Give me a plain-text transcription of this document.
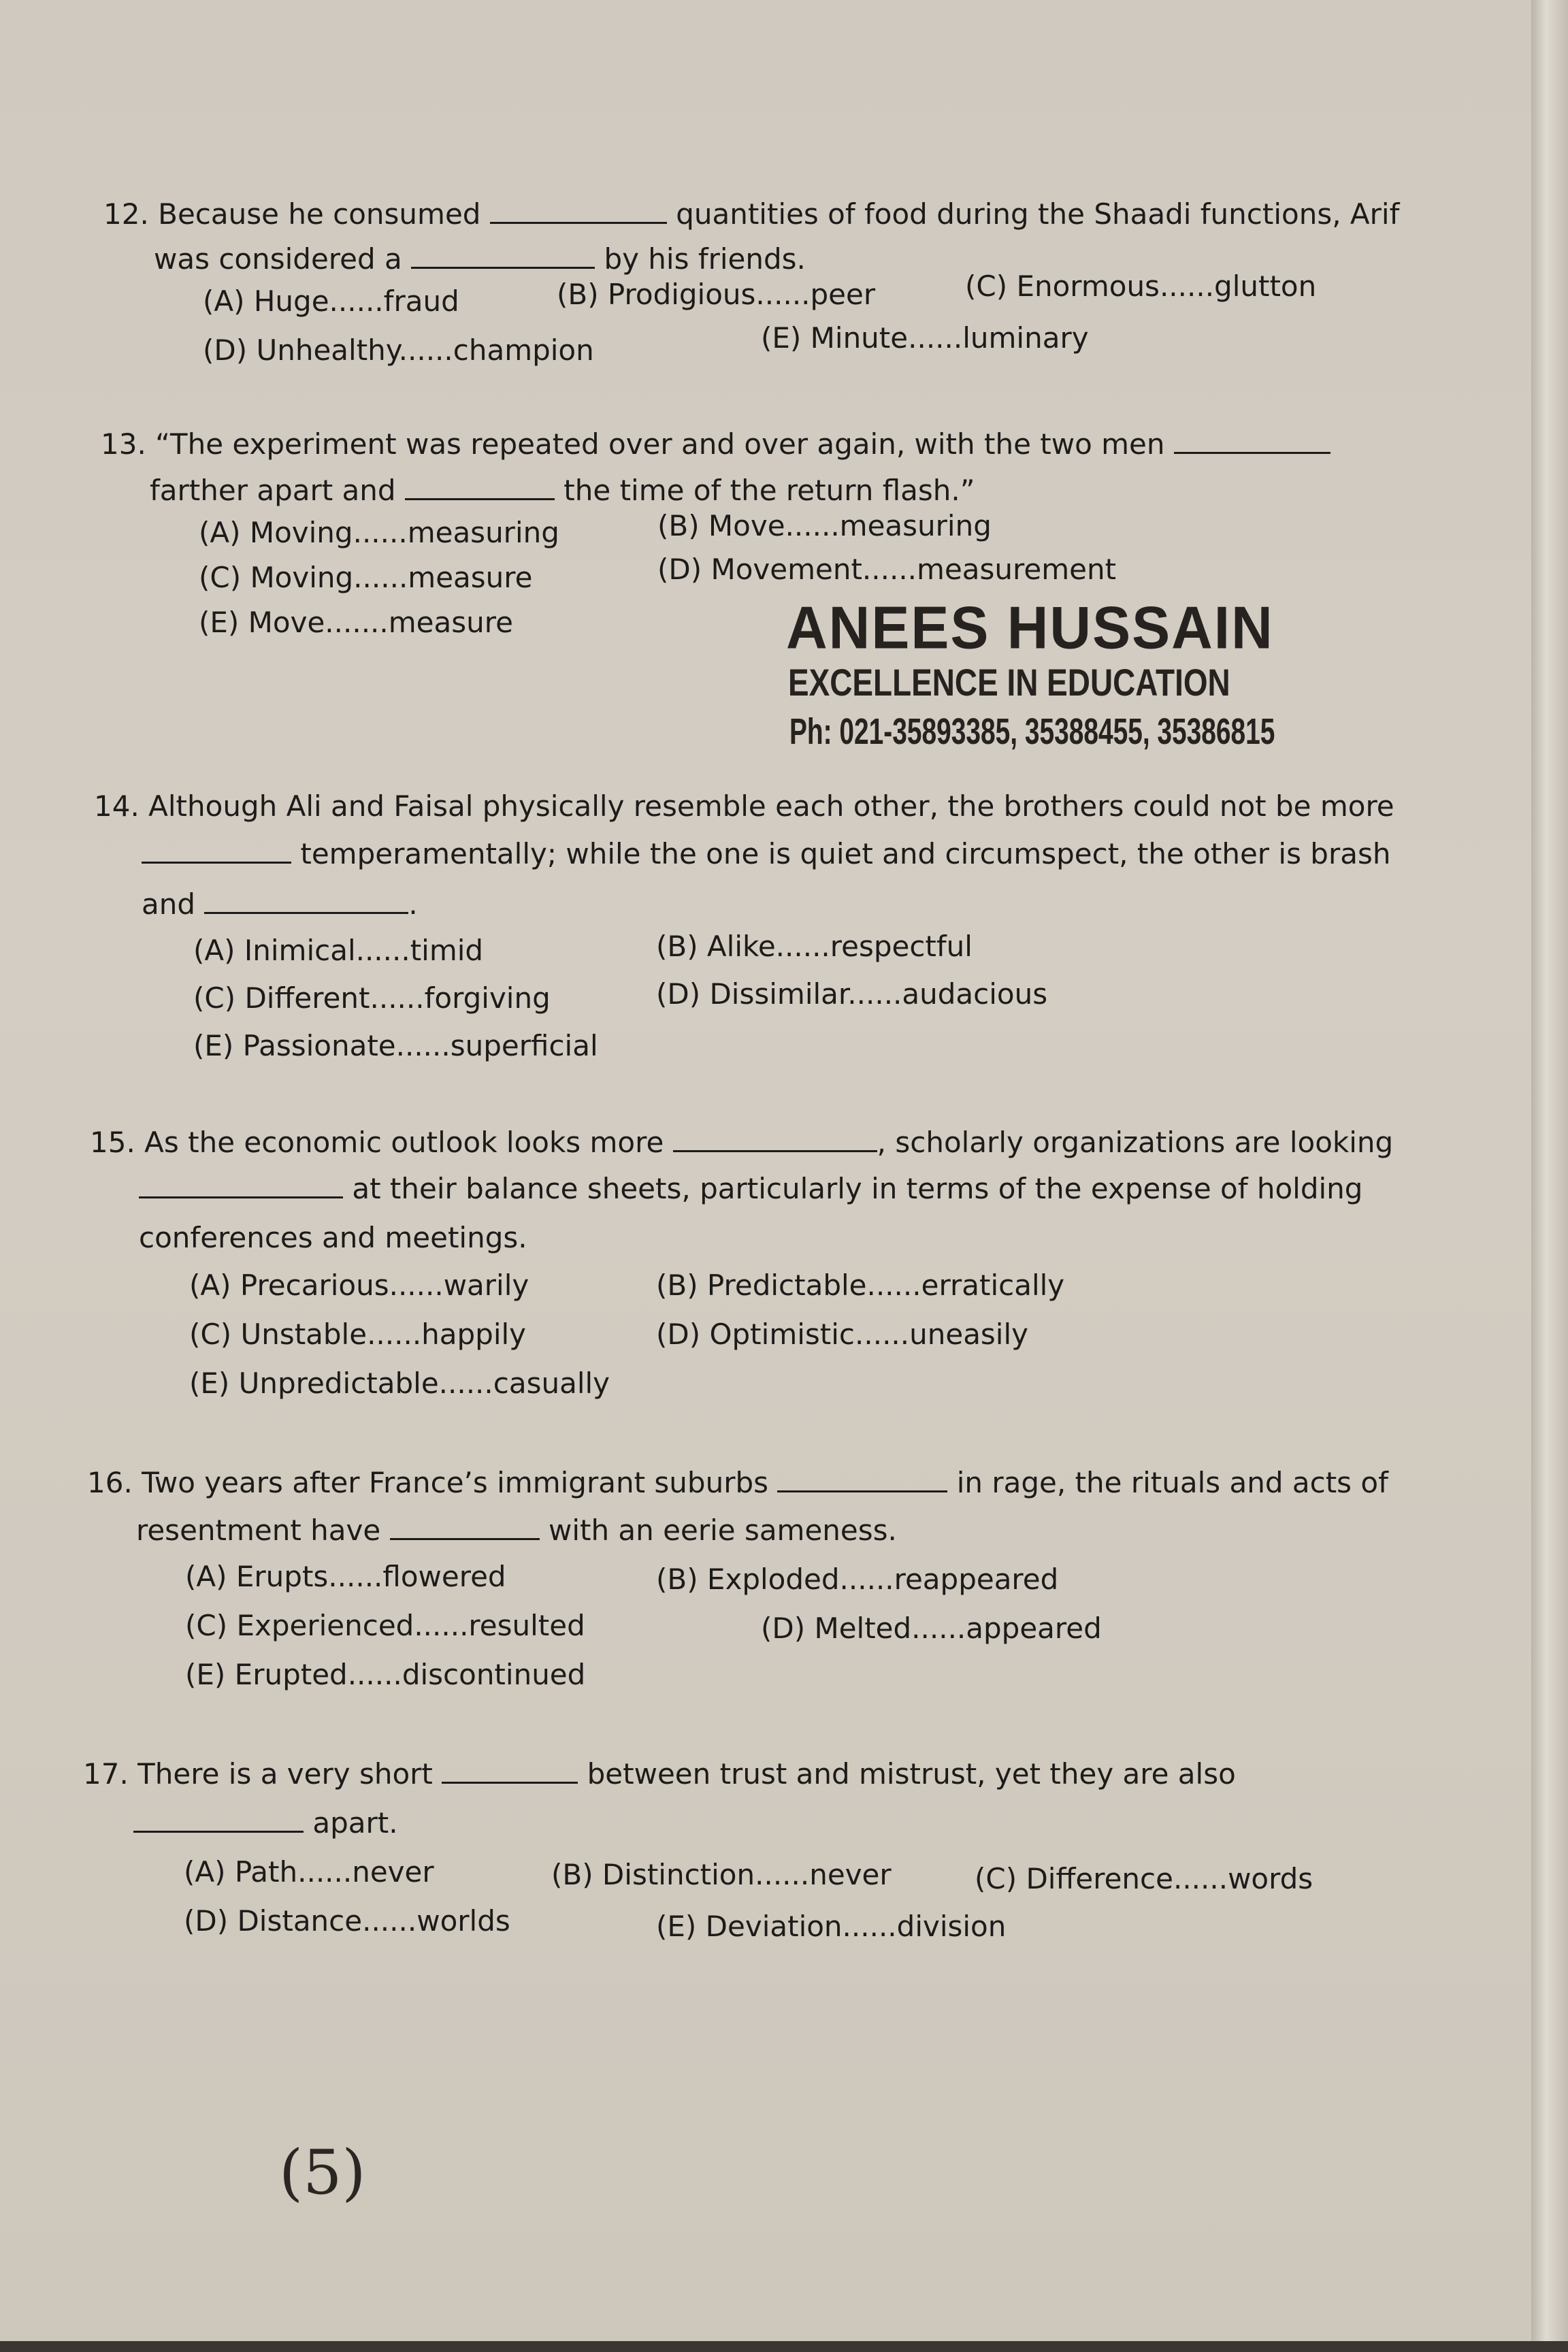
12. Because he consumed	quantities of food during the Shaadi functions, Arif
was considered a	by his friends.
(A) Huge......fraud	(B) Prodigious......peer	(C) Enormous......glutton
(D) Unhealthy......champion	(E) Minute......luminary
13. “The experiment was repeated over and over again, with the two men
farther apart and	the time of the return flash.”
(A) Moving......measuring	(B) Move......measuring
(C) Moving......measure	(D) Movement......measurement
(E) Move.......measure	ANEES HUSSAIN
EXCELLENCE IN EDUCATION
Ph: 021-35893385, 35388455, 35386815
14. Although Ali and Faisal physically resemble each other, the brothers could not be more
temperamentally; while the one is quiet and circumspect, the other is brash
and	.
(A) Inimical......timid	(B) Alike......respectful
(C) Different......forgiving	(D) Dissimilar......audacious
(E) Passionate......superficial
15. As the economic outlook looks more	, scholarly organizations are looking
at their balance sheets, particularly in terms of the expense of holding
conferences and meetings.
(A) Precarious......warily	(B) Predictable......erratically
(C) Unstable......happily	(D) Optimistic......uneasily
(E) Unpredictable......casually
16. Two years after France’s immigrant suburbs	in rage, the rituals and acts of
resentment have	with an eerie sameness.
(A) Erupts......flowered	(B) Exploded......reappeared
(C) Experienced......resulted	(D) Melted......appeared
(E) Erupted......discontinued
17. There is a very short	between trust and mistrust, yet they are also
apart.
(A) Path......never	(B) Distinction......never	(C) Difference......words
(D) Distance......worlds	(E) Deviation......division
(5)
